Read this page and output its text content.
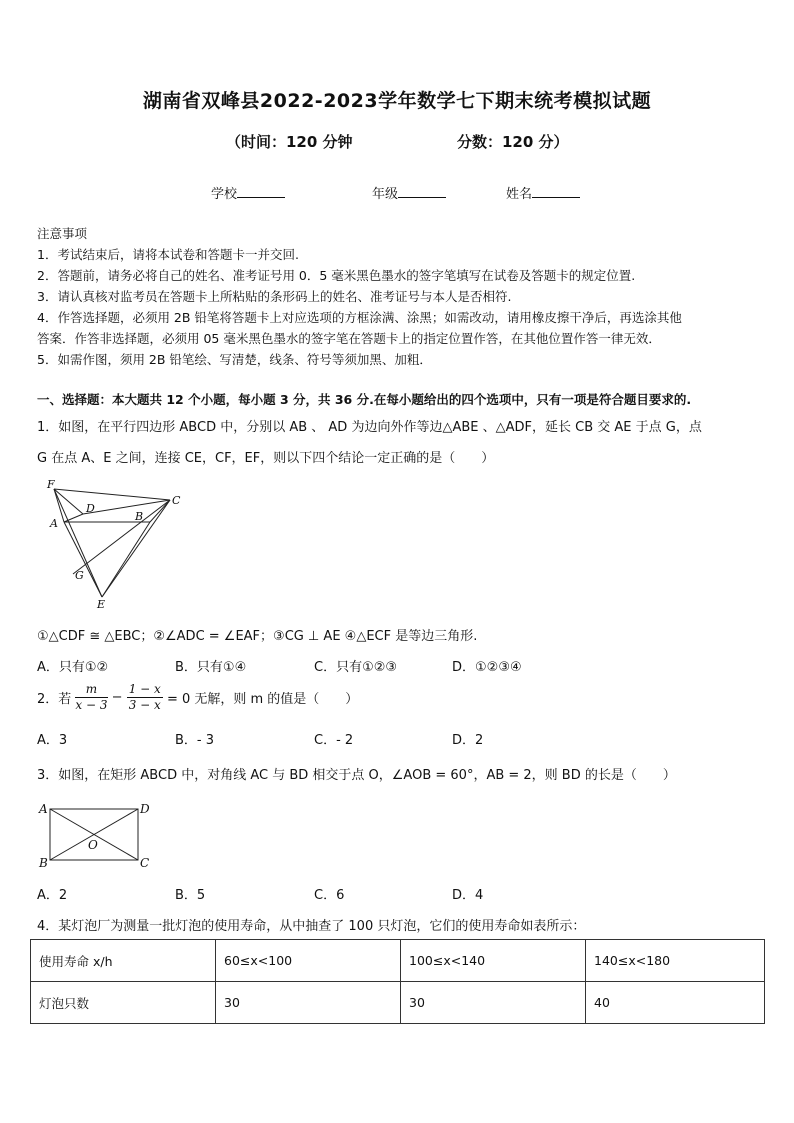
湖南省双峰县2022-2023学年数学七下期末统考模拟试题
（时间：120 分钟	分数：120 分）
学校	年级	姓名
注意事项
1．考试结束后，请将本试卷和答题卡一并交回.
2．答题前，请务必将自己的姓名、准考证号用 0．5 毫米黑色墨水的签字笔填写在试卷及答题卡的规定位置.
3．请认真核对监考员在答题卡上所粘贴的条形码上的姓名、准考证号与本人是否相符.
4．作答选择题，必须用 2B 铅笔将答题卡上对应选项的方框涂满、涂黑；如需改动，请用橡皮擦干净后，再选涂其他
答案．作答非选择题，必须用 05 毫米黑色墨水的签字笔在答题卡上的指定位置作答，在其他位置作答一律无效．
5．如需作图，须用 2B 铅笔绘、写清楚，线条、符号等须加黑、加粗．
一、选择题：本大题共 12 个小题，每小题 3 分，共 36 分.在每小题给出的四个选项中，只有一项是符合题目要求的.
1．如图，在平行四边形 ABCD 中，分别以 AB 、 AD 为边向外作等边△ABE 、△ADF，延长 CB 交 AE 于点 G，点
G 在点 A、E 之间，连接 CE，CF，EF，则以下四个结论一定正确的是（　　）
F
D
C
A
B
G
E
①△CDF ≅ △EBC；②∠ADC = ∠EAF；③CG ⊥ AE ④△ECF 是等边三角形.
A．只有①②	B．只有①④	C．只有①②③	D．①②③④
2．若 $\frac{m}{x - 3} - \frac{1 - x}{3 - x} = 0$ 无解，则 m 的值是（　　）
A．3	B．- 3	C．- 2	D．2
3．如图，在矩形 ABCD 中，对角线 AC 与 BD 相交于点 O，∠AOB = 60°，AB = 2，则 BD 的长是（　　）
A	D
O
B	C
A．2	B．5	C．6	D．4
4．某灯泡厂为测量一批灯泡的使用寿命，从中抽查了 100 只灯泡，它们的使用寿命如表所示：
使用寿命 x/h	60≤x<100	100≤x<140	140≤x<180
灯泡只数	30	30	40
